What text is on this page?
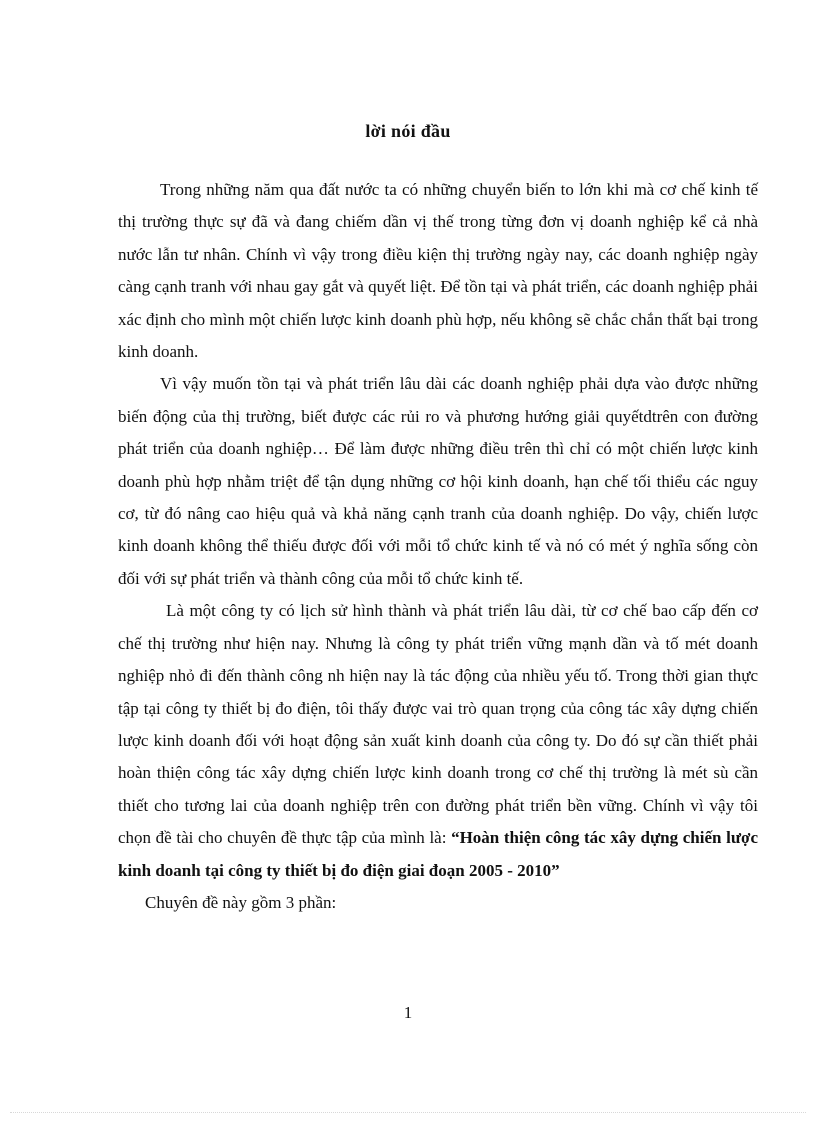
lời nói đầu

Trong những năm qua đất nước ta có những chuyển biến to lớn khi mà cơ chế kinh tế thị trường thực sự đã và đang chiếm dần vị thế trong từng đơn vị doanh nghiệp kể cả nhà nước lẫn tư nhân. Chính vì vậy trong điều kiện thị trường ngày nay, các doanh nghiệp ngày càng cạnh tranh với nhau gay gắt và quyết liệt. Để tồn tại và phát triển, các doanh nghiệp phải xác định cho mình một chiến lược kinh doanh phù hợp, nếu không sẽ chắc chắn thất bại trong kinh doanh.

Vì vậy muốn tồn tại và phát triển lâu dài các doanh nghiệp phải dựa vào được những biến động của thị trường, biết được các rủi ro và phương hướng giải quyếtdtrên con đường phát triển của doanh nghiệp… Để làm được những điều trên thì chỉ có một chiến lược kinh doanh phù hợp nhằm triệt để tận dụng những cơ hội kinh doanh, hạn chế tối thiểu các nguy cơ, từ đó nâng cao hiệu quả và khả năng cạnh tranh của doanh nghiệp. Do vậy, chiến lược kinh doanh không thể thiếu được đối với mỗi tổ chức kinh tế và nó có mét ý nghĩa sống còn đối với sự phát triển và thành công của mỗi tổ chức kinh tế.

Là một công ty có lịch sử hình thành và phát triển lâu dài, từ cơ chế bao cấp đến cơ chế thị trường như hiện nay. Nhưng là công ty phát triển vững mạnh dần và tố mét doanh nghiệp nhỏ đi đến thành công nh hiện nay là tác động của nhiều yếu tố. Trong thời gian thực tập tại công ty thiết bị đo điện, tôi thấy được vai trò quan trọng của công tác xây dựng chiến lược kinh doanh đối với hoạt động sản xuất kinh doanh của công ty. Do đó sự cần thiết phải hoàn thiện công tác xây dựng chiến lược kinh doanh trong cơ chế thị trường là mét sù cần thiết cho tương lai của doanh nghiệp trên con đường phát triển bền vững. Chính vì vậy tôi chọn đề tài cho chuyên đề thực tập của mình là: “Hoàn thiện công tác xây dựng chiến lược kinh doanh tại công ty thiết bị đo điện giai đoạn 2005 - 2010”

Chuyên đề này gồm 3 phần:

1
